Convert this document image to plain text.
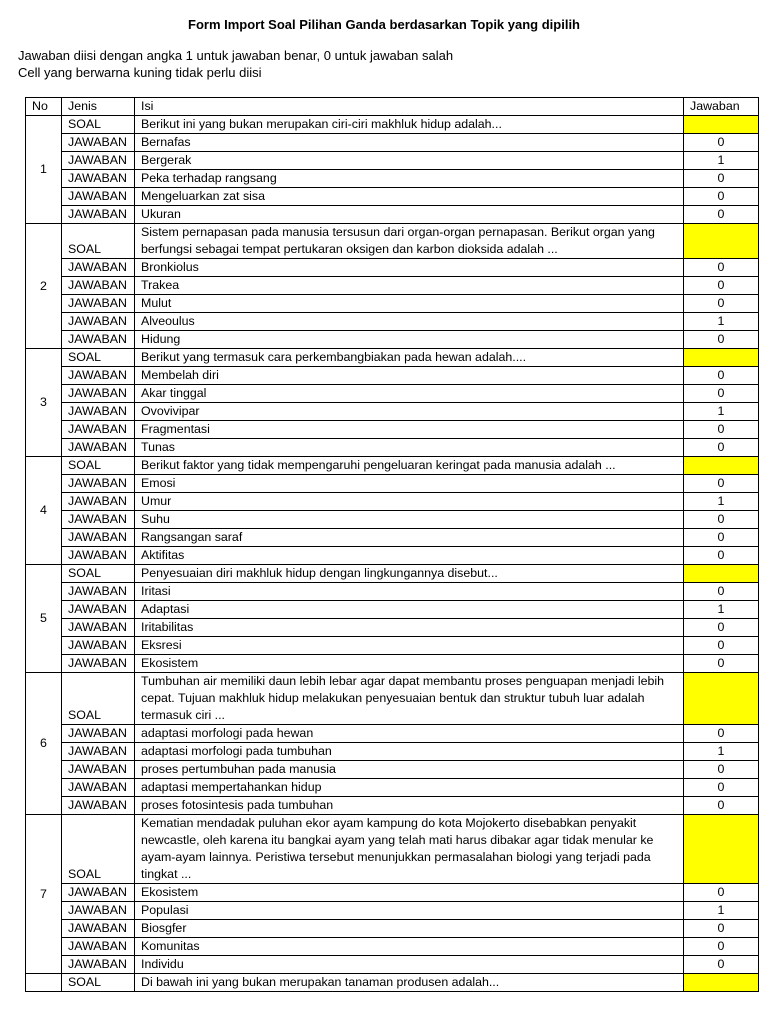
Form Import Soal Pilihan Ganda berdasarkan Topik yang dipilih
Jawaban diisi dengan angka 1 untuk jawaban benar, 0 untuk jawaban salah
Cell yang berwarna kuning tidak perlu diisi
No	Jenis	Isi	Jawaban
1	SOAL	Berikut ini yang bukan merupakan ciri-ciri makhluk hidup adalah...	
	JAWABAN	Bernafas	0
	JAWABAN	Bergerak	1
	JAWABAN	Peka terhadap rangsang	0
	JAWABAN	Mengeluarkan zat sisa	0
	JAWABAN	Ukuran	0
2	SOAL	Sistem pernapasan pada manusia tersusun dari organ-organ pernapasan. Berikut organ yang berfungsi sebagai tempat pertukaran oksigen dan karbon dioksida adalah ...	
	JAWABAN	Bronkiolus	0
	JAWABAN	Trakea	0
	JAWABAN	Mulut	0
	JAWABAN	Alveoulus	1
	JAWABAN	Hidung	0
3	SOAL	Berikut yang termasuk cara perkembangbiakan pada hewan adalah....	
	JAWABAN	Membelah diri	0
	JAWABAN	Akar tinggal	0
	JAWABAN	Ovovivipar	1
	JAWABAN	Fragmentasi	0
	JAWABAN	Tunas	0
4	SOAL	Berikut faktor yang tidak mempengaruhi pengeluaran keringat pada manusia adalah ...	
	JAWABAN	Emosi	0
	JAWABAN	Umur	1
	JAWABAN	Suhu	0
	JAWABAN	Rangsangan saraf	0
	JAWABAN	Aktifitas	0
5	SOAL	Penyesuaian diri makhluk hidup dengan lingkungannya disebut...	
	JAWABAN	Iritasi	0
	JAWABAN	Adaptasi	1
	JAWABAN	Iritabilitas	0
	JAWABAN	Eksresi	0
	JAWABAN	Ekosistem	0
6	SOAL	Tumbuhan air memiliki daun lebih lebar agar dapat membantu proses penguapan menjadi lebih cepat. Tujuan makhluk hidup melakukan penyesuaian bentuk dan struktur tubuh luar adalah termasuk ciri ...	
	JAWABAN	adaptasi morfologi pada hewan	0
	JAWABAN	adaptasi morfologi pada tumbuhan	1
	JAWABAN	proses pertumbuhan pada manusia	0
	JAWABAN	adaptasi mempertahankan hidup	0
	JAWABAN	proses fotosintesis pada tumbuhan	0
7	SOAL	Kematian mendadak puluhan ekor ayam kampung do kota Mojokerto disebabkan penyakit newcastle, oleh karena itu bangkai ayam yang telah mati harus dibakar agar tidak menular ke ayam-ayam lainnya. Peristiwa tersebut menunjukkan permasalahan biologi yang terjadi pada tingkat ...	
	JAWABAN	Ekosistem	0
	JAWABAN	Populasi	1
	JAWABAN	Biosgfer	0
	JAWABAN	Komunitas	0
	JAWABAN	Individu	0
	SOAL	Di bawah ini yang bukan merupakan tanaman produsen adalah...	
